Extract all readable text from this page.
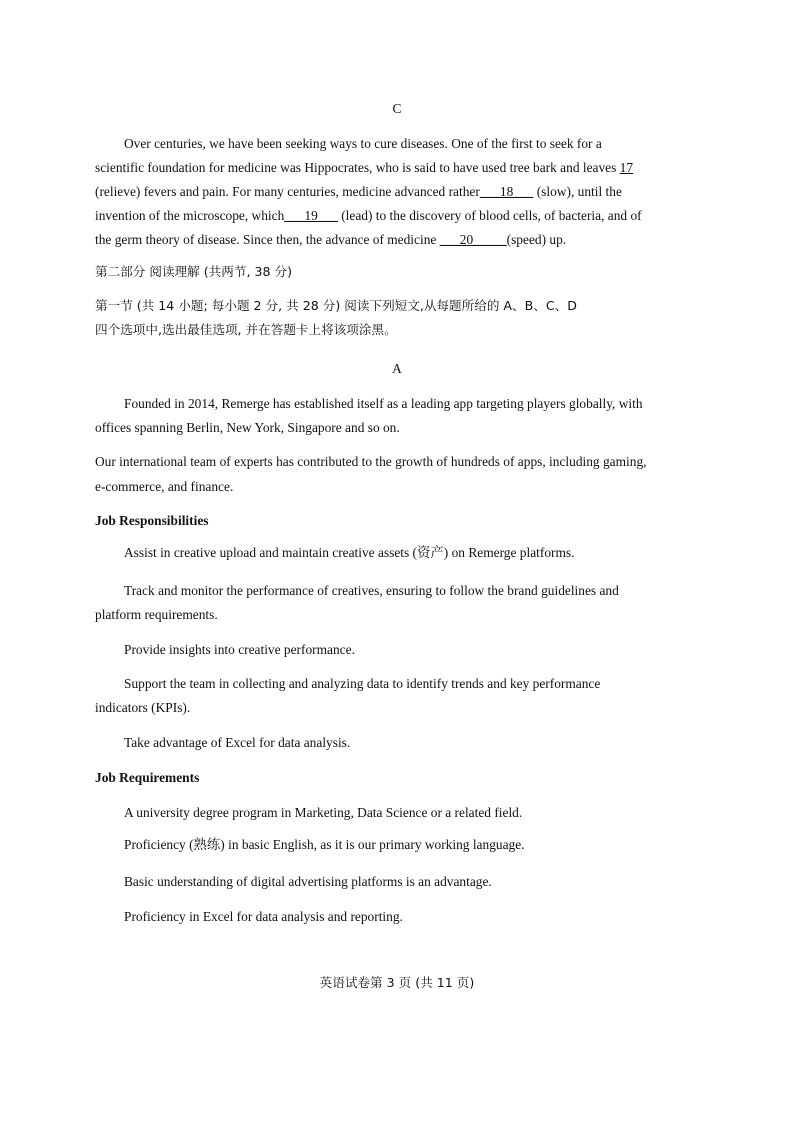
C
Over centuries, we have been seeking ways to cure diseases. One of the first to seek for a
scientific foundation for medicine was Hippocrates, who is said to have used tree bark and leaves 17
(relieve) fevers and pain. For many centuries, medicine advanced rather___18___ (slow), until the
invention of the microscope, which___19___ (lead) to the discovery of blood cells, of bacteria, and of
the germ theory of disease. Since then, the advance of medicine ___20_____(speed) up.
第二部分 阅读理解 (共两节, 38 分)
第一节 (共 14 小题; 每小题 2 分, 共 28 分) 阅读下列短文,从每题所给的 A、B、C、D
四个选项中,选出最佳选项, 并在答题卡上将该项涂黑。
A
Founded in 2014, Remerge has established itself as a leading app targeting players globally, with
offices spanning Berlin, New York, Singapore and so on.
Our international team of experts has contributed to the growth of hundreds of apps, including gaming,
e-commerce, and finance.
Job Responsibilities
Assist in creative upload and maintain creative assets (资产) on Remerge platforms.
Track and monitor the performance of creatives, ensuring to follow the brand guidelines and
platform requirements.
Provide insights into creative performance.
Support the team in collecting and analyzing data to identify trends and key performance
indicators (KPIs).
Take advantage of Excel for data analysis.
Job Requirements
A university degree program in Marketing, Data Science or a related field.
Proficiency (熟练) in basic English, as it is our primary working language.
Basic understanding of digital advertising platforms is an advantage.
Proficiency in Excel for data analysis and reporting.
英语试卷第 3 页 (共 11 页)
